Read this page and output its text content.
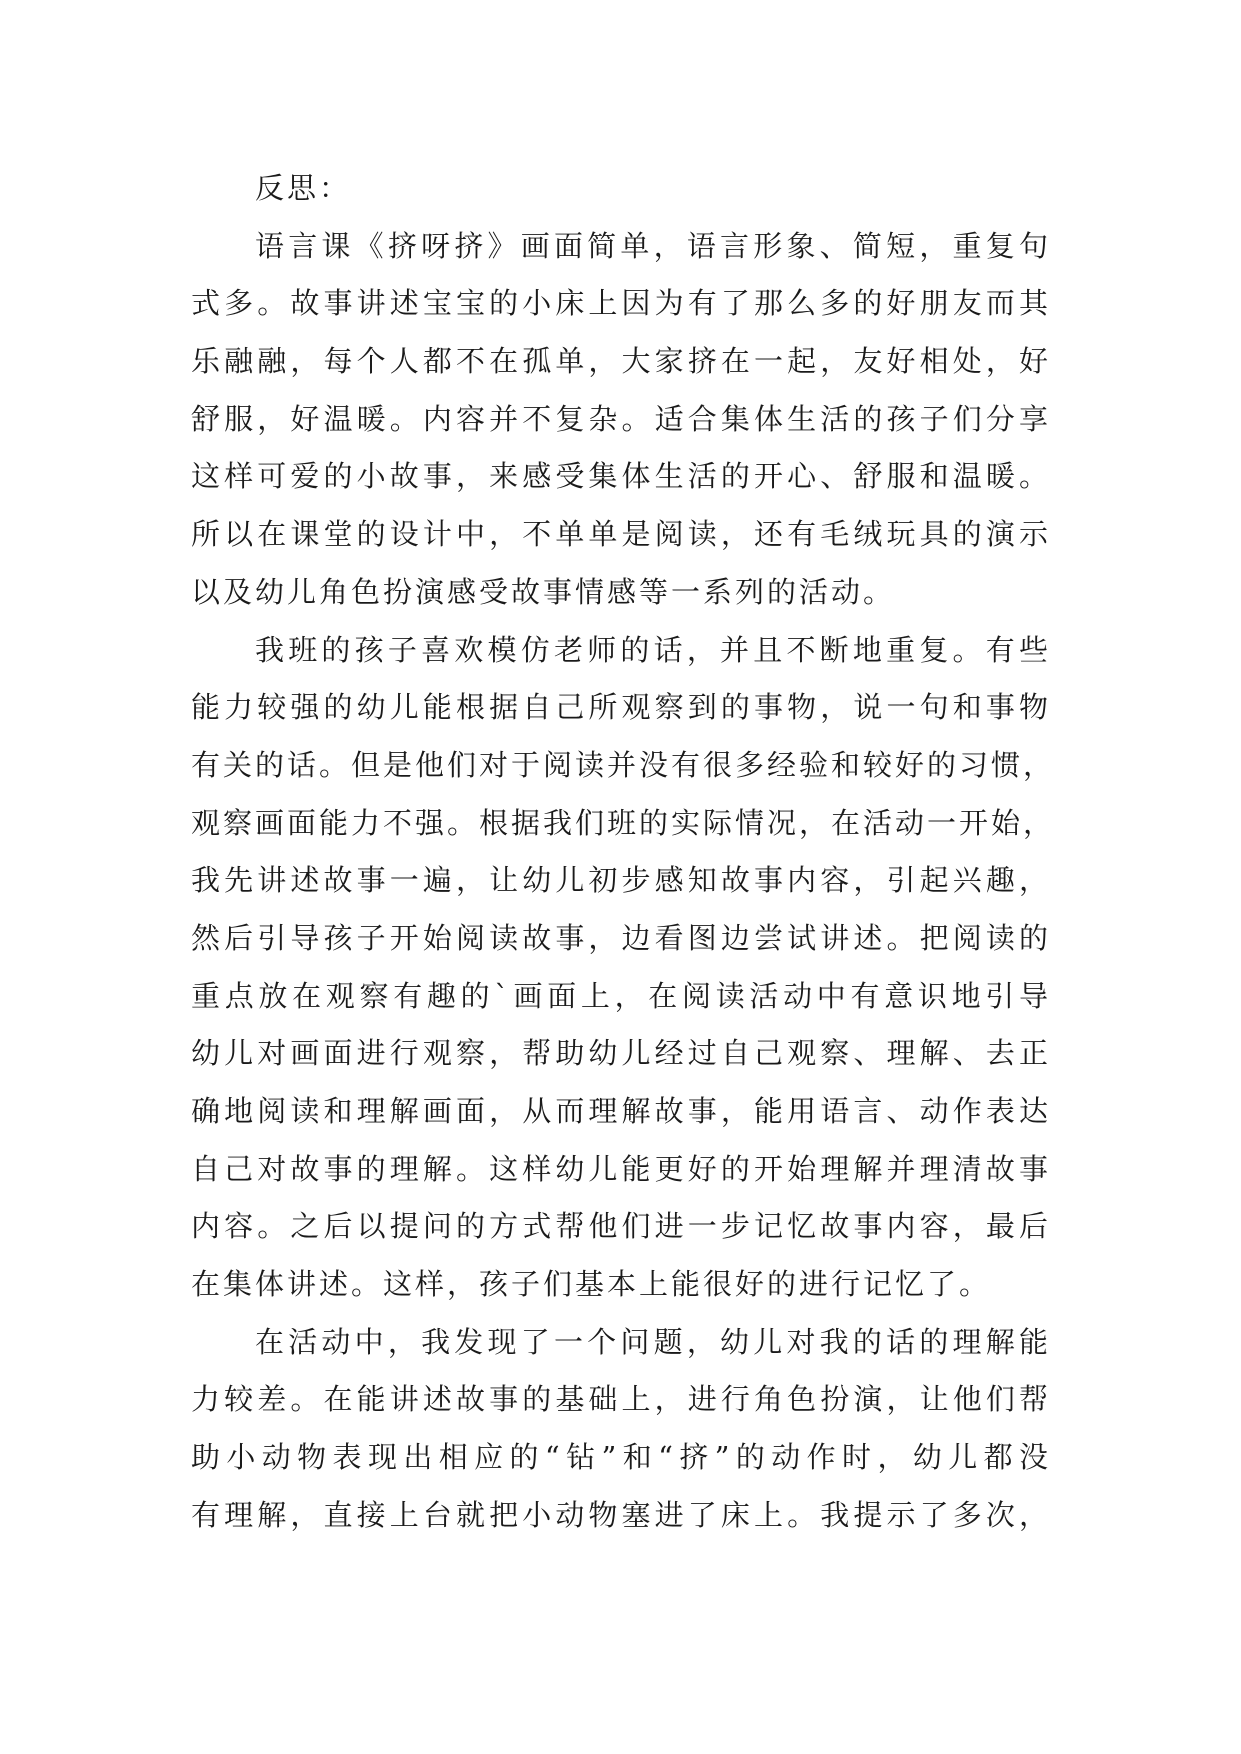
反思：
语言课《挤呀挤》画面简单，语言形象、简短，重复句
式多。故事讲述宝宝的小床上因为有了那么多的好朋友而其
乐融融，每个人都不在孤单，大家挤在一起，友好相处，好
舒服，好温暖。内容并不复杂。适合集体生活的孩子们分享
这样可爱的小故事，来感受集体生活的开心、舒服和温暖。
所以在课堂的设计中，不单单是阅读，还有毛绒玩具的演示
以及幼儿角色扮演感受故事情感等一系列的活动。
我班的孩子喜欢模仿老师的话，并且不断地重复。有些
能力较强的幼儿能根据自己所观察到的事物，说一句和事物
有关的话。但是他们对于阅读并没有很多经验和较好的习惯，
观察画面能力不强。根据我们班的实际情况，在活动一开始，
我先讲述故事一遍，让幼儿初步感知故事内容，引起兴趣，
然后引导孩子开始阅读故事，边看图边尝试讲述。把阅读的
重点放在观察有趣的`画面上，在阅读活动中有意识地引导
幼儿对画面进行观察，帮助幼儿经过自己观察、理解、去正
确地阅读和理解画面，从而理解故事，能用语言、动作表达
自己对故事的理解。这样幼儿能更好的开始理解并理清故事
内容。之后以提问的方式帮他们进一步记忆故事内容，最后
在集体讲述。这样，孩子们基本上能很好的进行记忆了。
在活动中，我发现了一个问题，幼儿对我的话的理解能
力较差。在能讲述故事的基础上，进行角色扮演，让他们帮
助小动物表现出相应的“钻”和“挤”的动作时，幼儿都没
有理解，直接上台就把小动物塞进了床上。我提示了多次，
